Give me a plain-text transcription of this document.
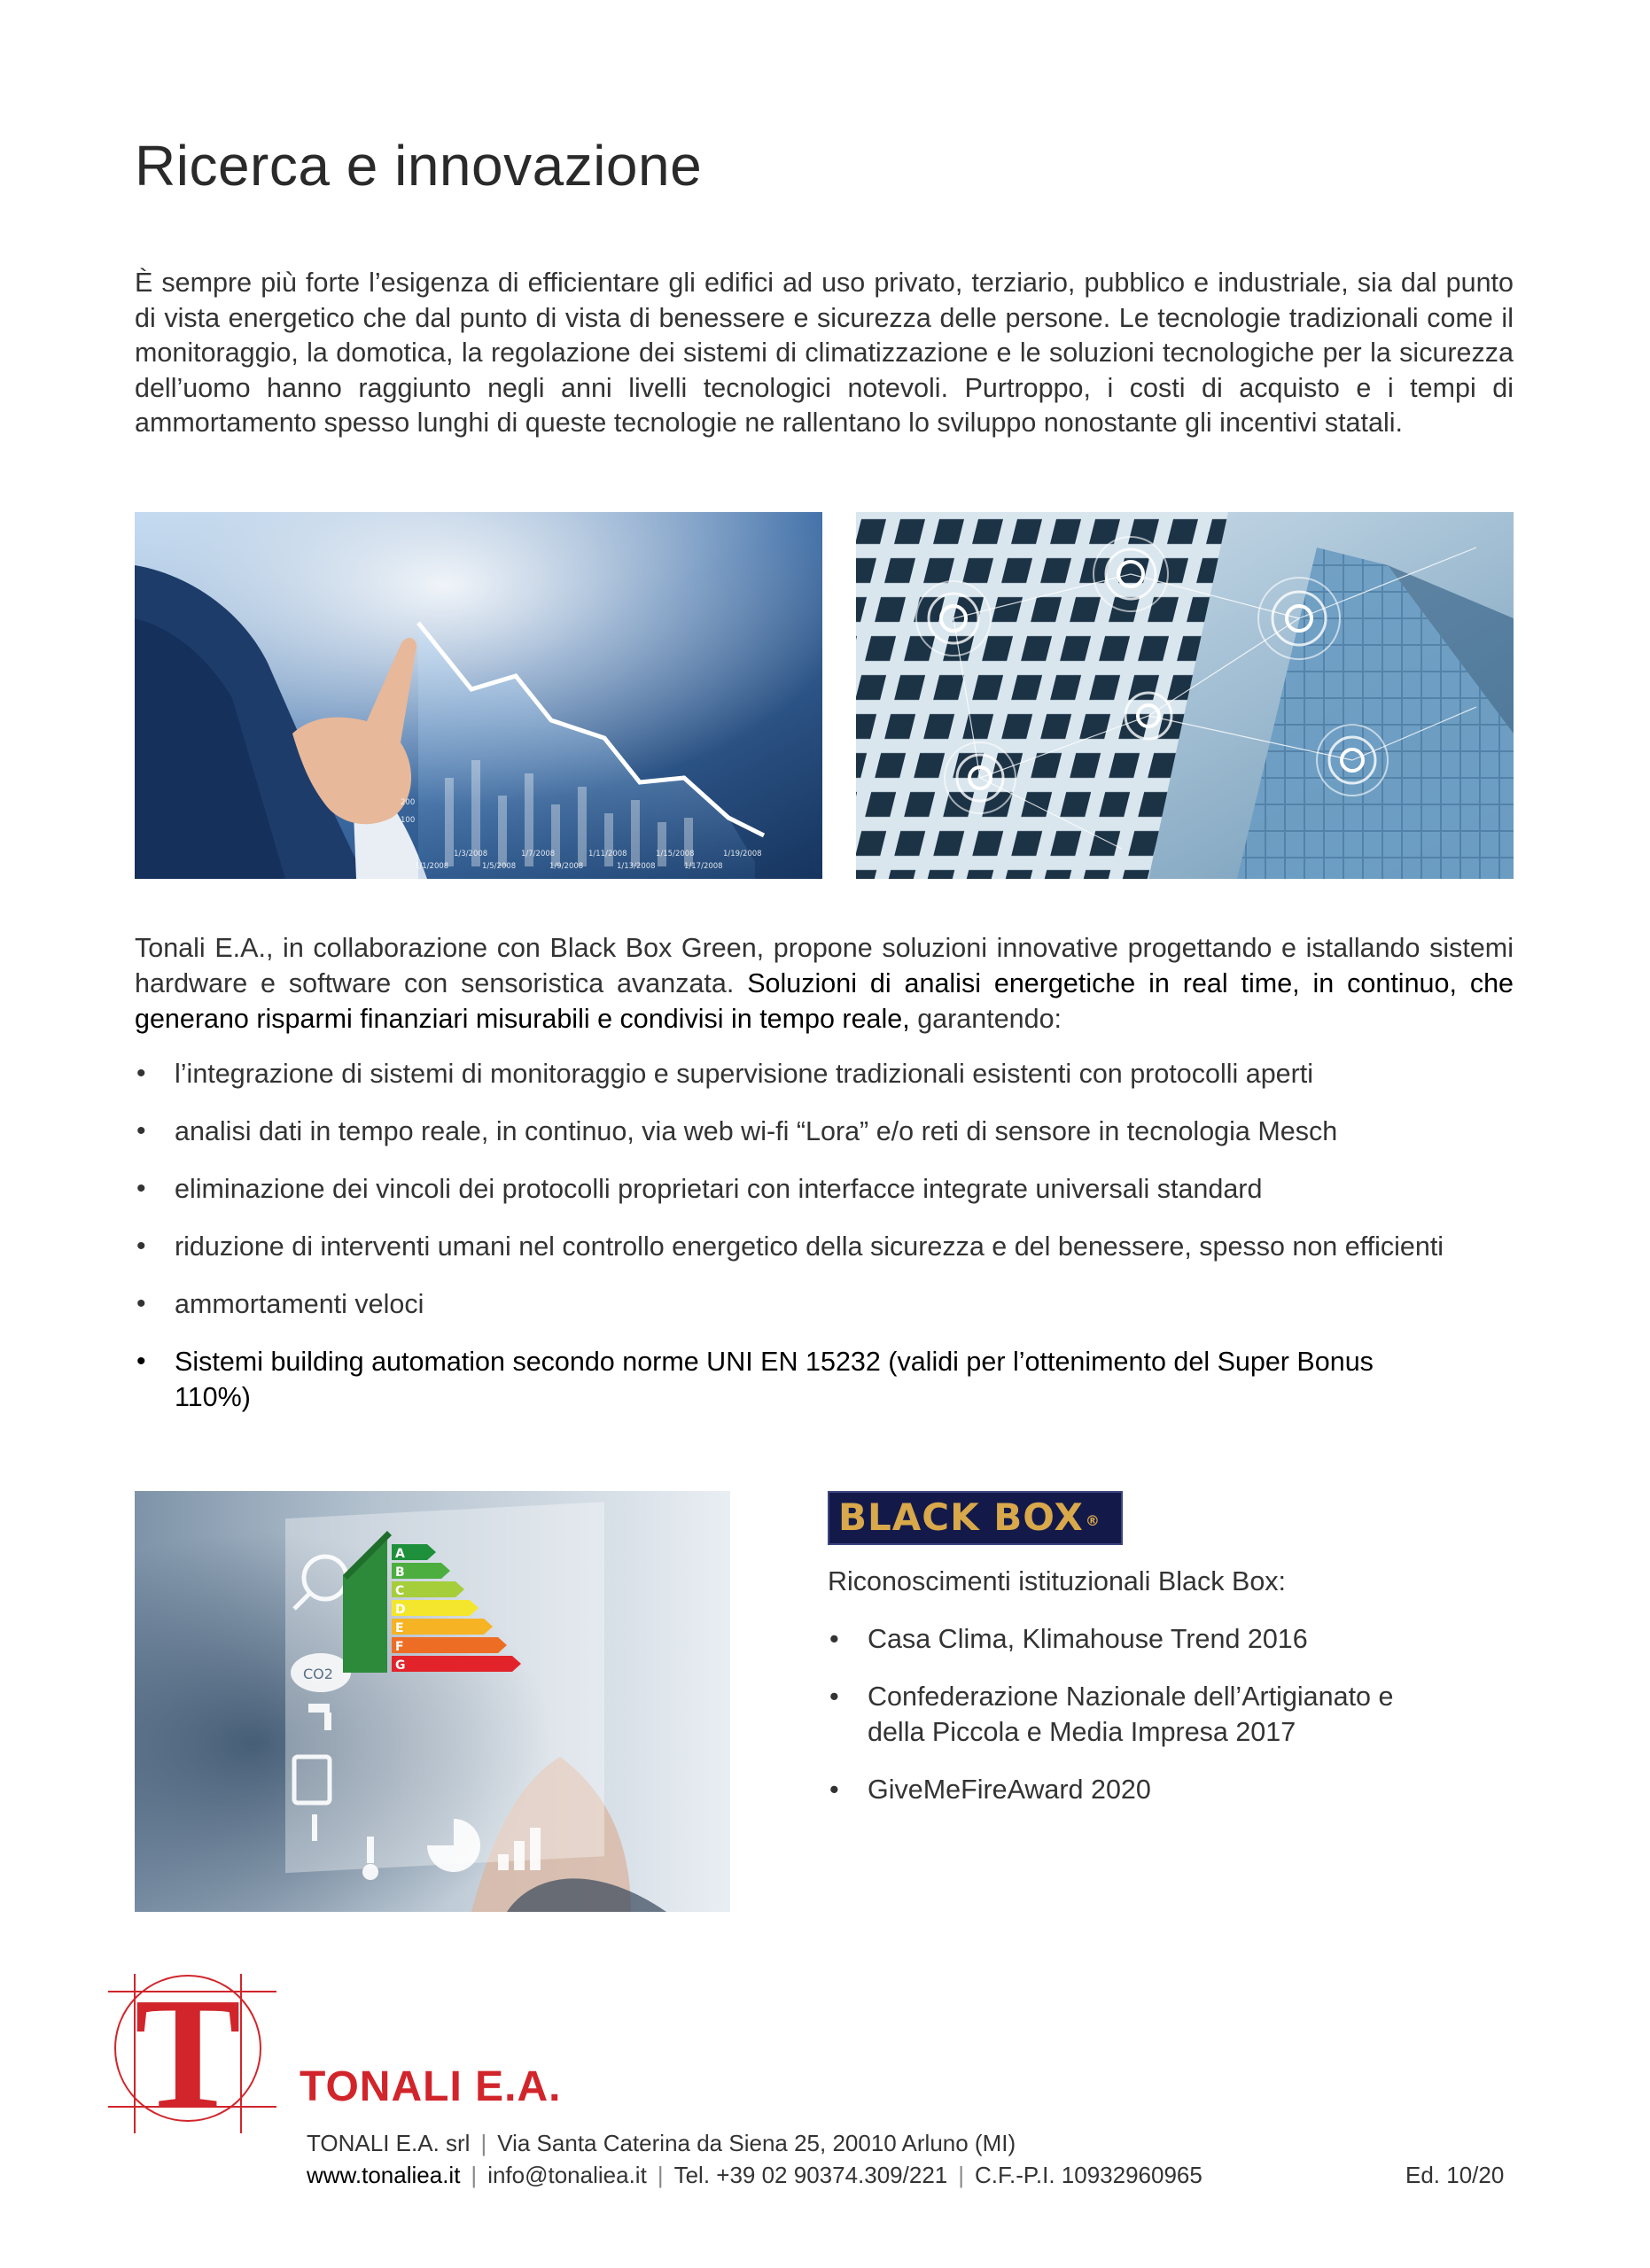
Ricerca e innovazione

È sempre più forte l’esigenza di efficientare gli edifici ad uso privato, terziario, pubblico e industriale, sia dal punto di vista energetico che dal punto di vista di benessere e sicurezza delle persone. Le tecnologie tradizionali come il monitoraggio, la domotica, la regolazione dei sistemi di climatizzazione e le soluzioni tecnologiche per la sicurezza dell’uomo hanno raggiunto negli anni livelli tecnologici notevoli. Purtroppo, i costi di acquisto e i tempi di ammortamento spesso lunghi di queste tecnologie ne rallentano lo sviluppo nonostante gli incentivi statali.

200
100
1/3/2008	1/7/2008	1/11/2008	1/15/2008	1/19/2008
1/1/2008	1/5/2008	1/9/2008	1/13/2008	1/17/2008

Tonali E.A., in collaborazione con Black Box Green, propone soluzioni innovative progettando e istallando sistemi hardware e software con sensoristica avanzata. Soluzioni di analisi energetiche in real time, in continuo, che generano risparmi finanziari misurabili e condivisi in tempo reale, garantendo:

• l’integrazione di sistemi di monitoraggio e supervisione tradizionali esistenti con protocolli aperti
• analisi dati in tempo reale, in continuo, via web wi-fi “Lora” e/o reti di sensore in tecnologia Mesch
• eliminazione dei vincoli dei protocolli proprietari con interfacce integrate universali standard
• riduzione di interventi umani nel controllo energetico della sicurezza e del benessere, spesso non efficienti
• ammortamenti veloci
• Sistemi building automation secondo norme UNI EN 15232 (validi per l’ottenimento del Super Bonus 110%)
CO2
A
B
C
D
E
F
G
BLACK BOX ®
Riconoscimenti istituzionali Black Box:
• Casa Clima, Klimahouse Trend 2016
• Confederazione Nazionale dell’Artigianato e della Piccola e Media Impresa 2017
• GiveMeFireAward 2020
T TONALI E.A.
TONALI E.A. srl | Via Santa Caterina da Siena 25, 20010 Arluno (MI)
www.tonaliea.it | info@tonaliea.it | Tel. +39 02 90374.309/221 | C.F.-P.I. 10932960965	Ed. 10/20
